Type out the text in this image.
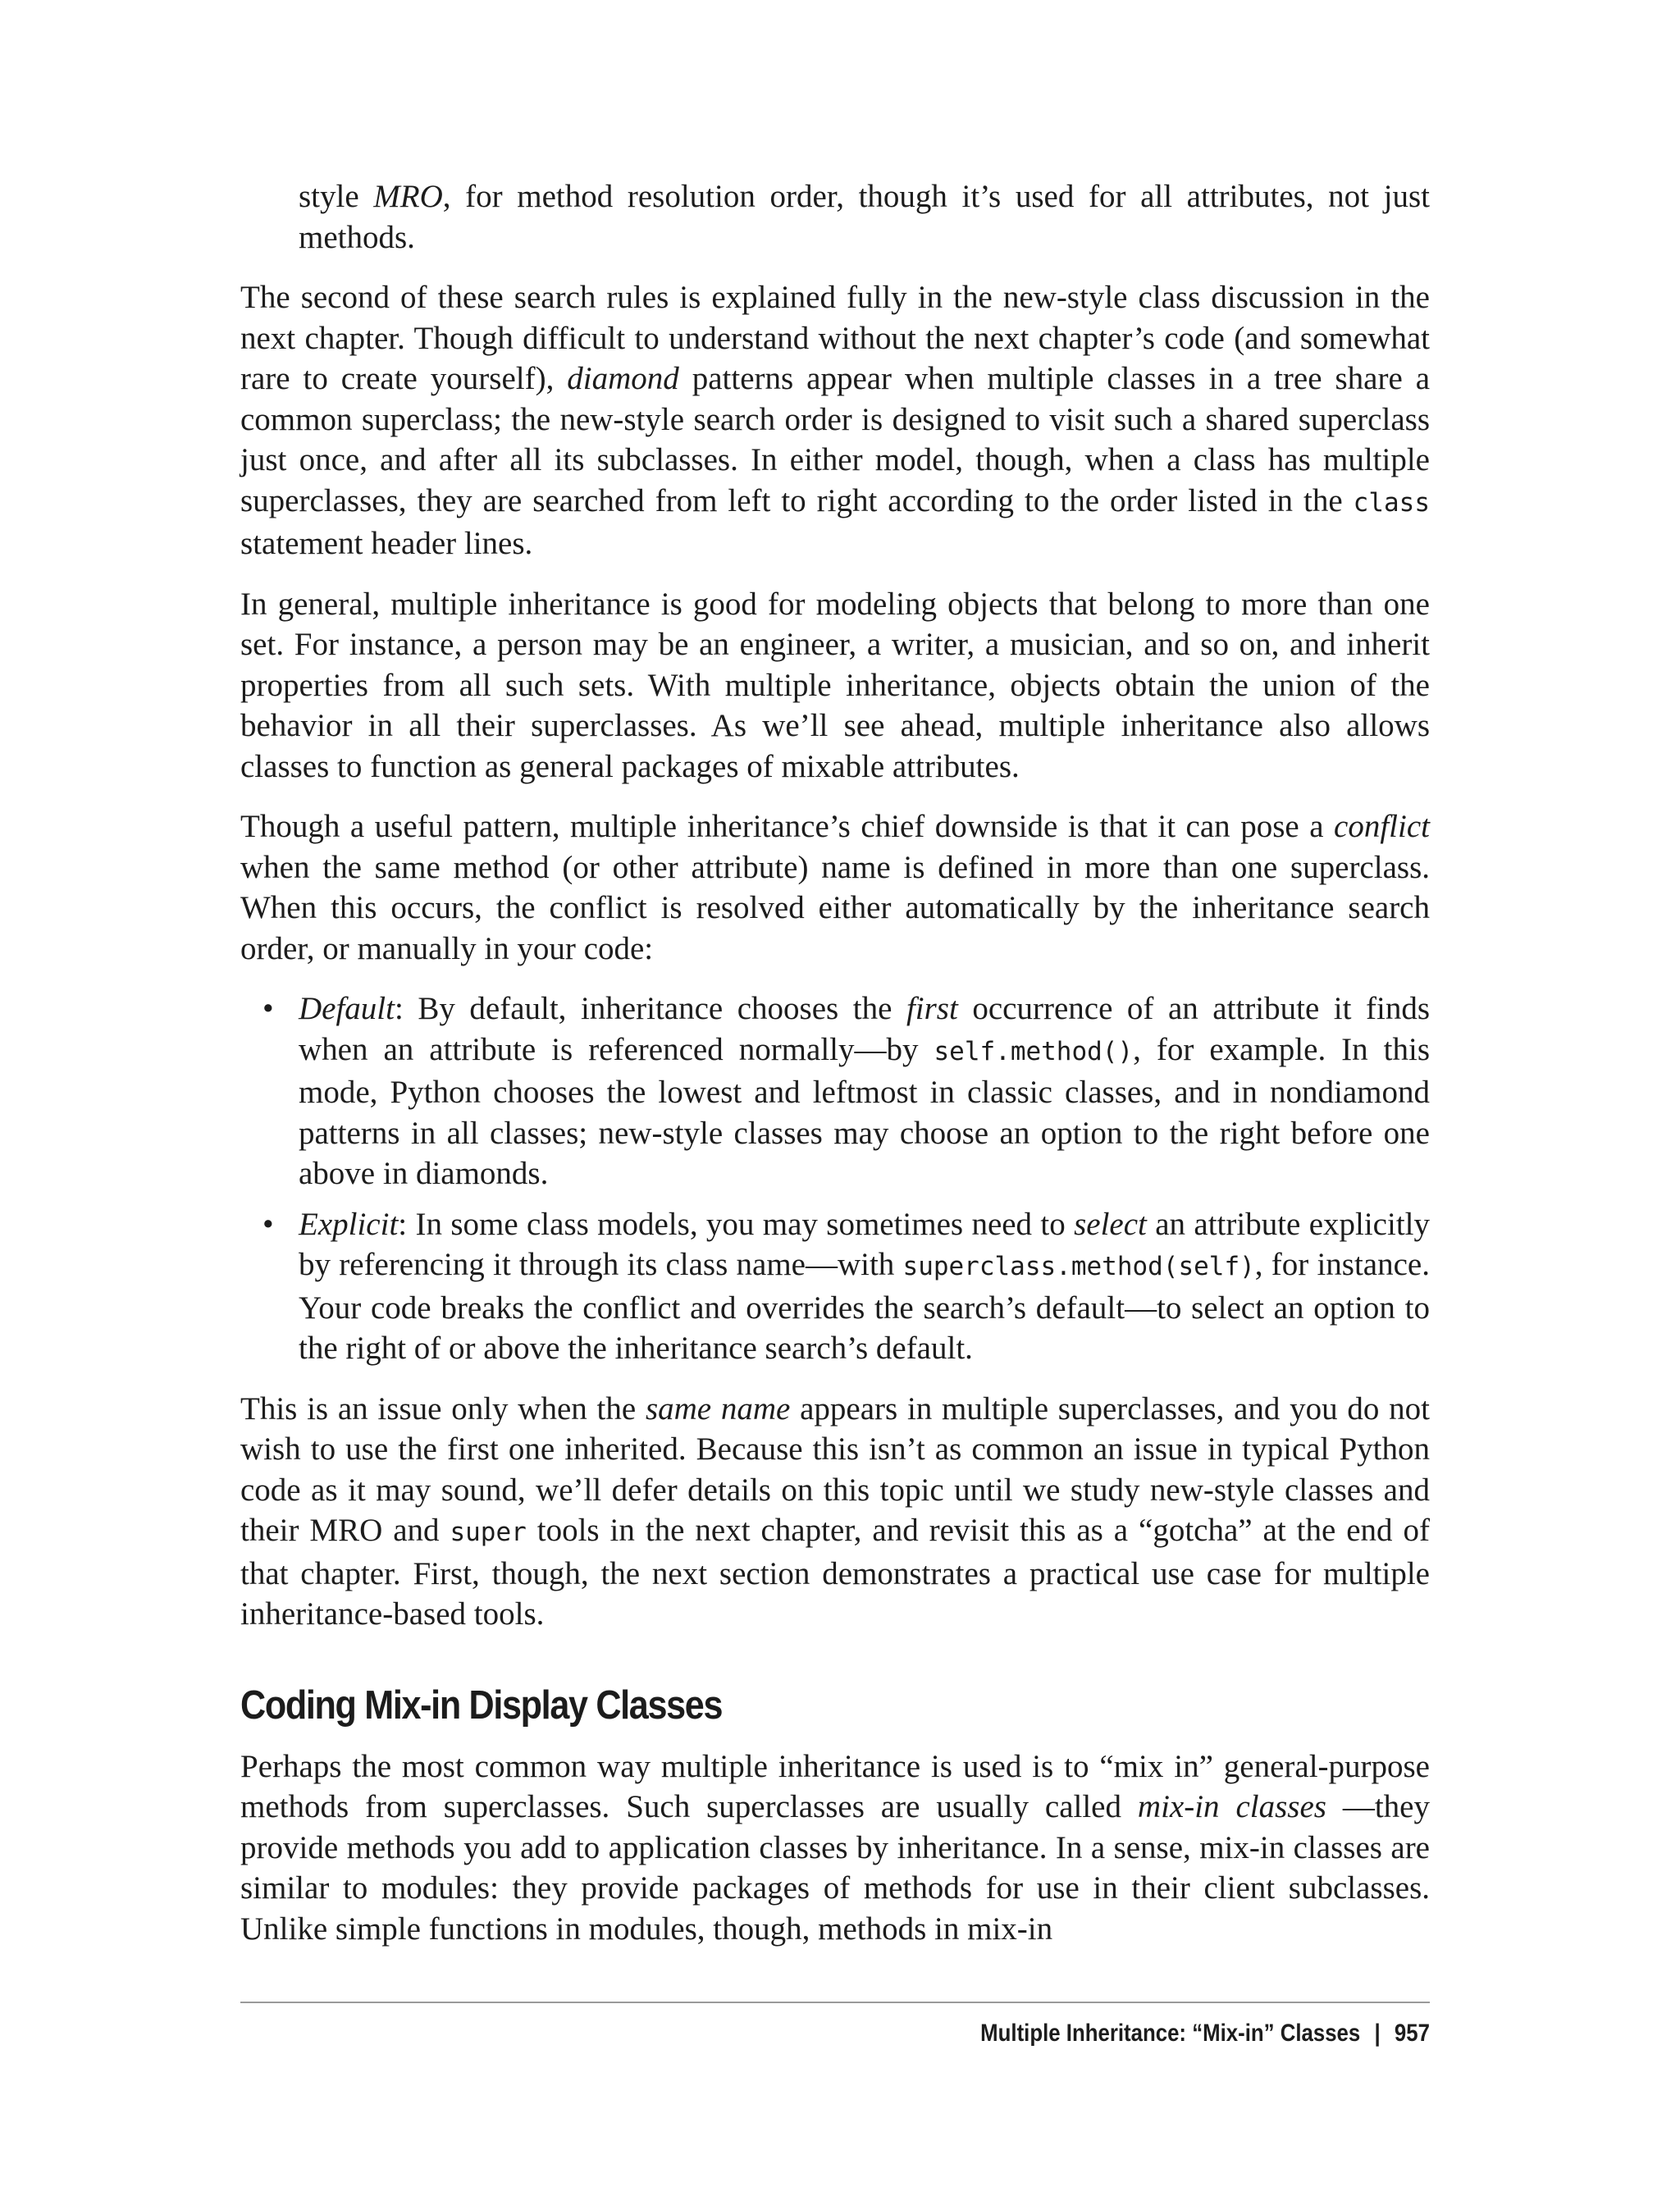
style MRO, for method resolution order, though it’s used for all attributes, not just methods.

The second of these search rules is explained fully in the new-style class discussion in the next chapter. Though difficult to understand without the next chapter’s code (and somewhat rare to create yourself), diamond patterns appear when multiple classes in a tree share a common superclass; the new-style search order is designed to visit such a shared superclass just once, and after all its subclasses. In either model, though, when a class has multiple superclasses, they are searched from left to right according to the order listed in the class statement header lines.

In general, multiple inheritance is good for modeling objects that belong to more than one set. For instance, a person may be an engineer, a writer, a musician, and so on, and inherit properties from all such sets. With multiple inheritance, objects obtain the union of the behavior in all their superclasses. As we’ll see ahead, multiple inheritance also allows classes to function as general packages of mixable attributes.

Though a useful pattern, multiple inheritance’s chief downside is that it can pose a conflict when the same method (or other attribute) name is defined in more than one superclass. When this occurs, the conflict is resolved either automatically by the inheritance search order, or manually in your code:

• Default: By default, inheritance chooses the first occurrence of an attribute it finds when an attribute is referenced normally—by self.method(), for example. In this mode, Python chooses the lowest and leftmost in classic classes, and in nondiamond patterns in all classes; new-style classes may choose an option to the right before one above in diamonds.
• Explicit: In some class models, you may sometimes need to select an attribute explicitly by referencing it through its class name—with superclass.method(self), for instance. Your code breaks the conflict and overrides the search’s default—to select an option to the right of or above the inheritance search’s default.

This is an issue only when the same name appears in multiple superclasses, and you do not wish to use the first one inherited. Because this isn’t as common an issue in typical Python code as it may sound, we’ll defer details on this topic until we study new-style classes and their MRO and super tools in the next chapter, and revisit this as a “gotcha” at the end of that chapter. First, though, the next section demonstrates a practical use case for multiple inheritance-based tools.

Coding Mix-in Display Classes

Perhaps the most common way multiple inheritance is used is to “mix in” general-purpose methods from superclasses. Such superclasses are usually called mix-in classes —they provide methods you add to application classes by inheritance. In a sense, mix-in classes are similar to modules: they provide packages of methods for use in their client subclasses. Unlike simple functions in modules, though, methods in mix-in

Multiple Inheritance: “Mix-in” Classes | 957
